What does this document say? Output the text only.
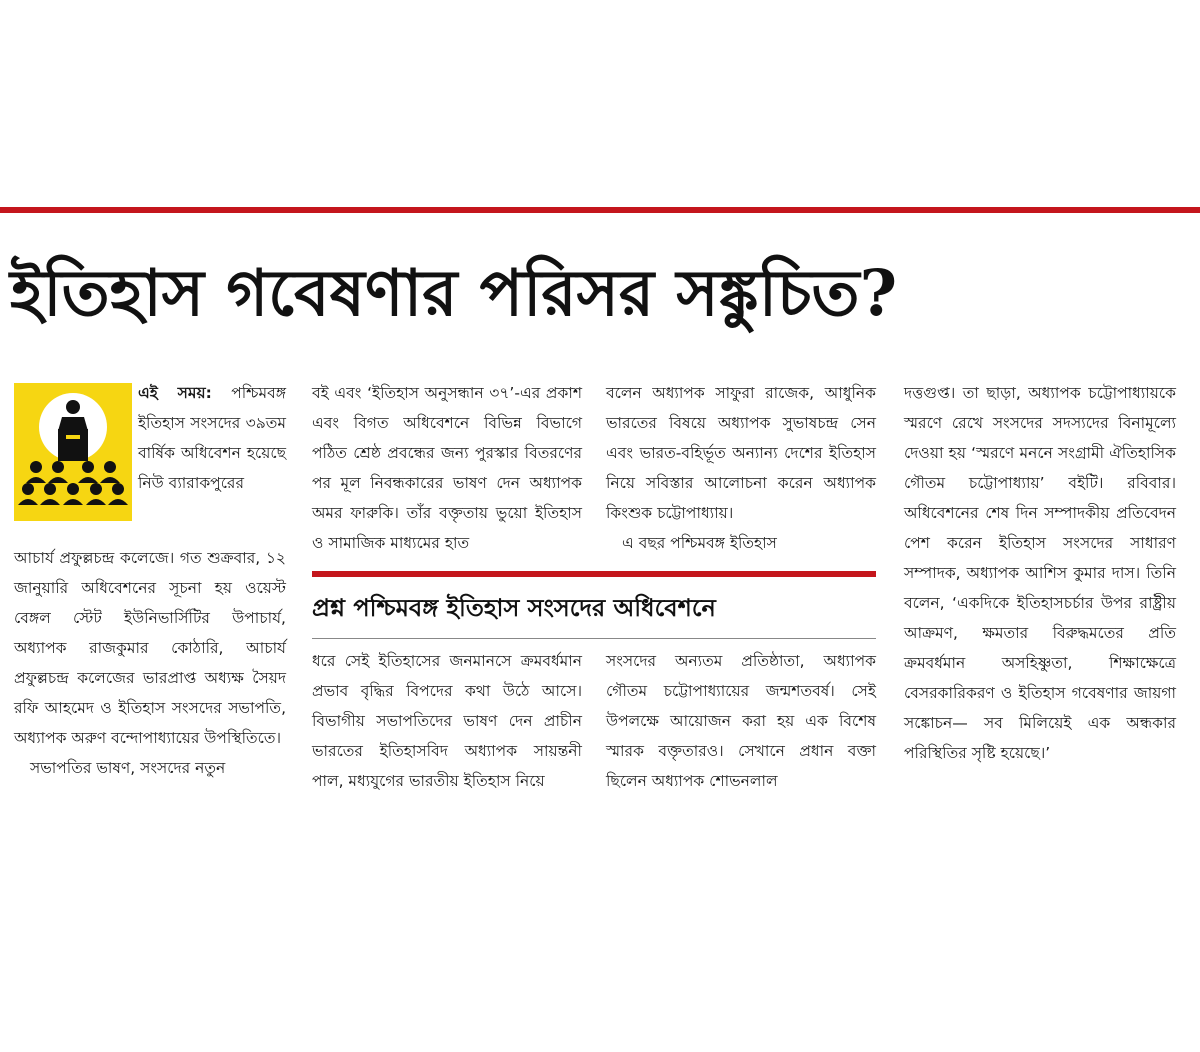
ইতিহাস গবেষণার পরিসর সঙ্কুচিত?

এই সময়: পশ্চিমবঙ্গ ইতিহাস সংসদের ৩৯তম বার্ষিক অধিবেশন হয়েছে নিউ ব্যারাকপুরের

আচার্য প্রফুল্লচন্দ্র কলেজে। গত শুক্রবার, ১২ জানুয়ারি অধিবেশনের সূচনা হয় ওয়েস্ট বেঙ্গল স্টেট ইউনিভার্সিটির উপাচার্য, অধ্যাপক রাজকুমার কোঠারি, আচার্য প্রফুল্লচন্দ্র কলেজের ভারপ্রাপ্ত অধ্যক্ষ সৈয়দ রফি আহমেদ ও ইতিহাস সংসদের সভাপতি, অধ্যাপক অরুণ বন্দোপাধ্যায়ের উপস্থিতিতে।

সভাপতির ভাষণ, সংসদের নতুন

বই এবং ‘ইতিহাস অনুসন্ধান ৩৭’-এর প্রকাশ এবং বিগত অধিবেশনে বিভিন্ন বিভাগে পঠিত শ্রেষ্ঠ প্রবন্ধের জন্য পুরস্কার বিতরণের পর মূল নিবন্ধকারের ভাষণ দেন অধ্যাপক অমর ফারুকি। তাঁর বক্তৃতায় ভুয়ো ইতিহাস ও সামাজিক মাধ্যমের হাত

বলেন অধ্যাপক সাফুরা রাজেক, আধুনিক ভারতের বিষয়ে অধ্যাপক সুভাষচন্দ্র সেন এবং ভারত-বহির্ভূত অন্যান্য দেশের ইতিহাস নিয়ে সবিস্তার আলোচনা করেন অধ্যাপক কিংশুক চট্টোপাধ্যায়।

এ বছর পশ্চিমবঙ্গ ইতিহাস

ধরে সেই ইতিহাসের জনমানসে ক্রমবর্ধমান প্রভাব বৃদ্ধির বিপদের কথা উঠে আসে। বিভাগীয় সভাপতিদের ভাষণ দেন প্রাচীন ভারতের ইতিহাসবিদ অধ্যাপক সায়ন্তনী পাল, মধ্যযুগের ভারতীয় ইতিহাস নিয়ে

সংসদের অন্যতম প্রতিষ্ঠাতা, অধ্যাপক গৌতম চট্টোপাধ্যায়ের জন্মশতবর্ষ। সেই উপলক্ষে আয়োজন করা হয় এক বিশেষ স্মারক বক্তৃতারও। সেখানে প্রধান বক্তা ছিলেন অধ্যাপক শোভনলাল

প্রশ্ন পশ্চিমবঙ্গ ইতিহাস সংসদের অধিবেশনে

দত্তগুপ্ত। তা ছাড়া, অধ্যাপক চট্টোপাধ্যায়কে স্মরণে রেখে সংসদের সদস্যদের বিনামূল্যে দেওয়া হয় ‘স্মরণে মননে সংগ্রামী ঐতিহাসিক গৌতম চট্টোপাধ্যায়’ বইটি। রবিবার। অধিবেশনের শেষ দিন সম্পাদকীয় প্রতিবেদন পেশ করেন ইতিহাস সংসদের সাধারণ সম্পাদক, অধ্যাপক আশিস কুমার দাস। তিনি বলেন, ‘একদিকে ইতিহাসচর্চার উপর রাষ্ট্রীয় আক্রমণ, ক্ষমতার বিরুদ্ধমতের প্রতি ক্রমবর্ধমান অসহিষ্ণুতা, শিক্ষাক্ষেত্রে বেসরকারিকরণ ও ইতিহাস গবেষণার জায়গা সঙ্কোচন— সব মিলিয়েই এক অন্ধকার পরিস্থিতির সৃষ্টি হয়েছে।’
